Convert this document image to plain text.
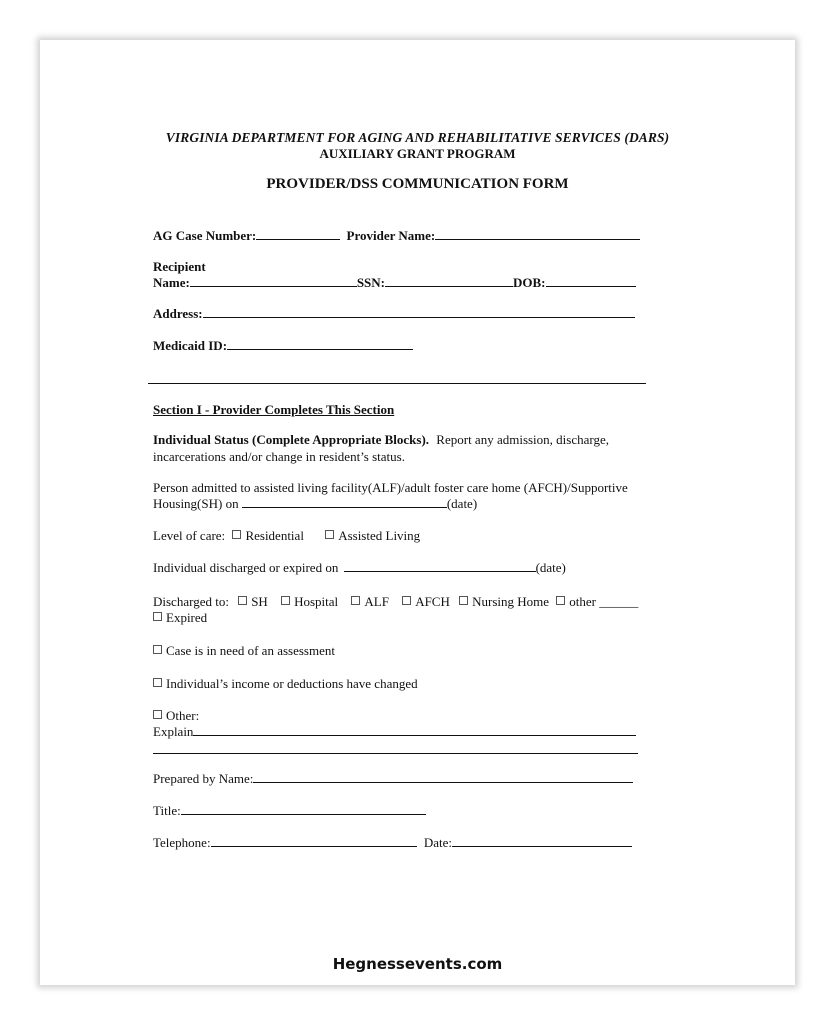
VIRGINIA DEPARTMENT FOR AGING AND REHABILITATIVE SERVICES (DARS)
AUXILIARY GRANT PROGRAM
PROVIDER/DSS COMMUNICATION FORM
AG Case Number:	Provider Name:
Recipient
Name:	SSN:	DOB:
Address:
Medicaid ID:
Section I - Provider Completes This Section
Individual Status (Complete Appropriate Blocks). Report any admission, discharge,
incarcerations and/or change in resident’s status.
Person admitted to assisted living facility(ALF)/adult foster care home (AFCH)/Supportive
Housing(SH) on	(date)
Level of care: Residential	Assisted Living
Individual discharged or expired on	(date)
Discharged to: SH Hospital ALF AFCH Nursing Home other ______
Expired
Case is in need of an assessment
Individual’s income or deductions have changed
Other:
Explain
Prepared by Name:
Title:
Telephone:	Date:
Hegnessevents.com
